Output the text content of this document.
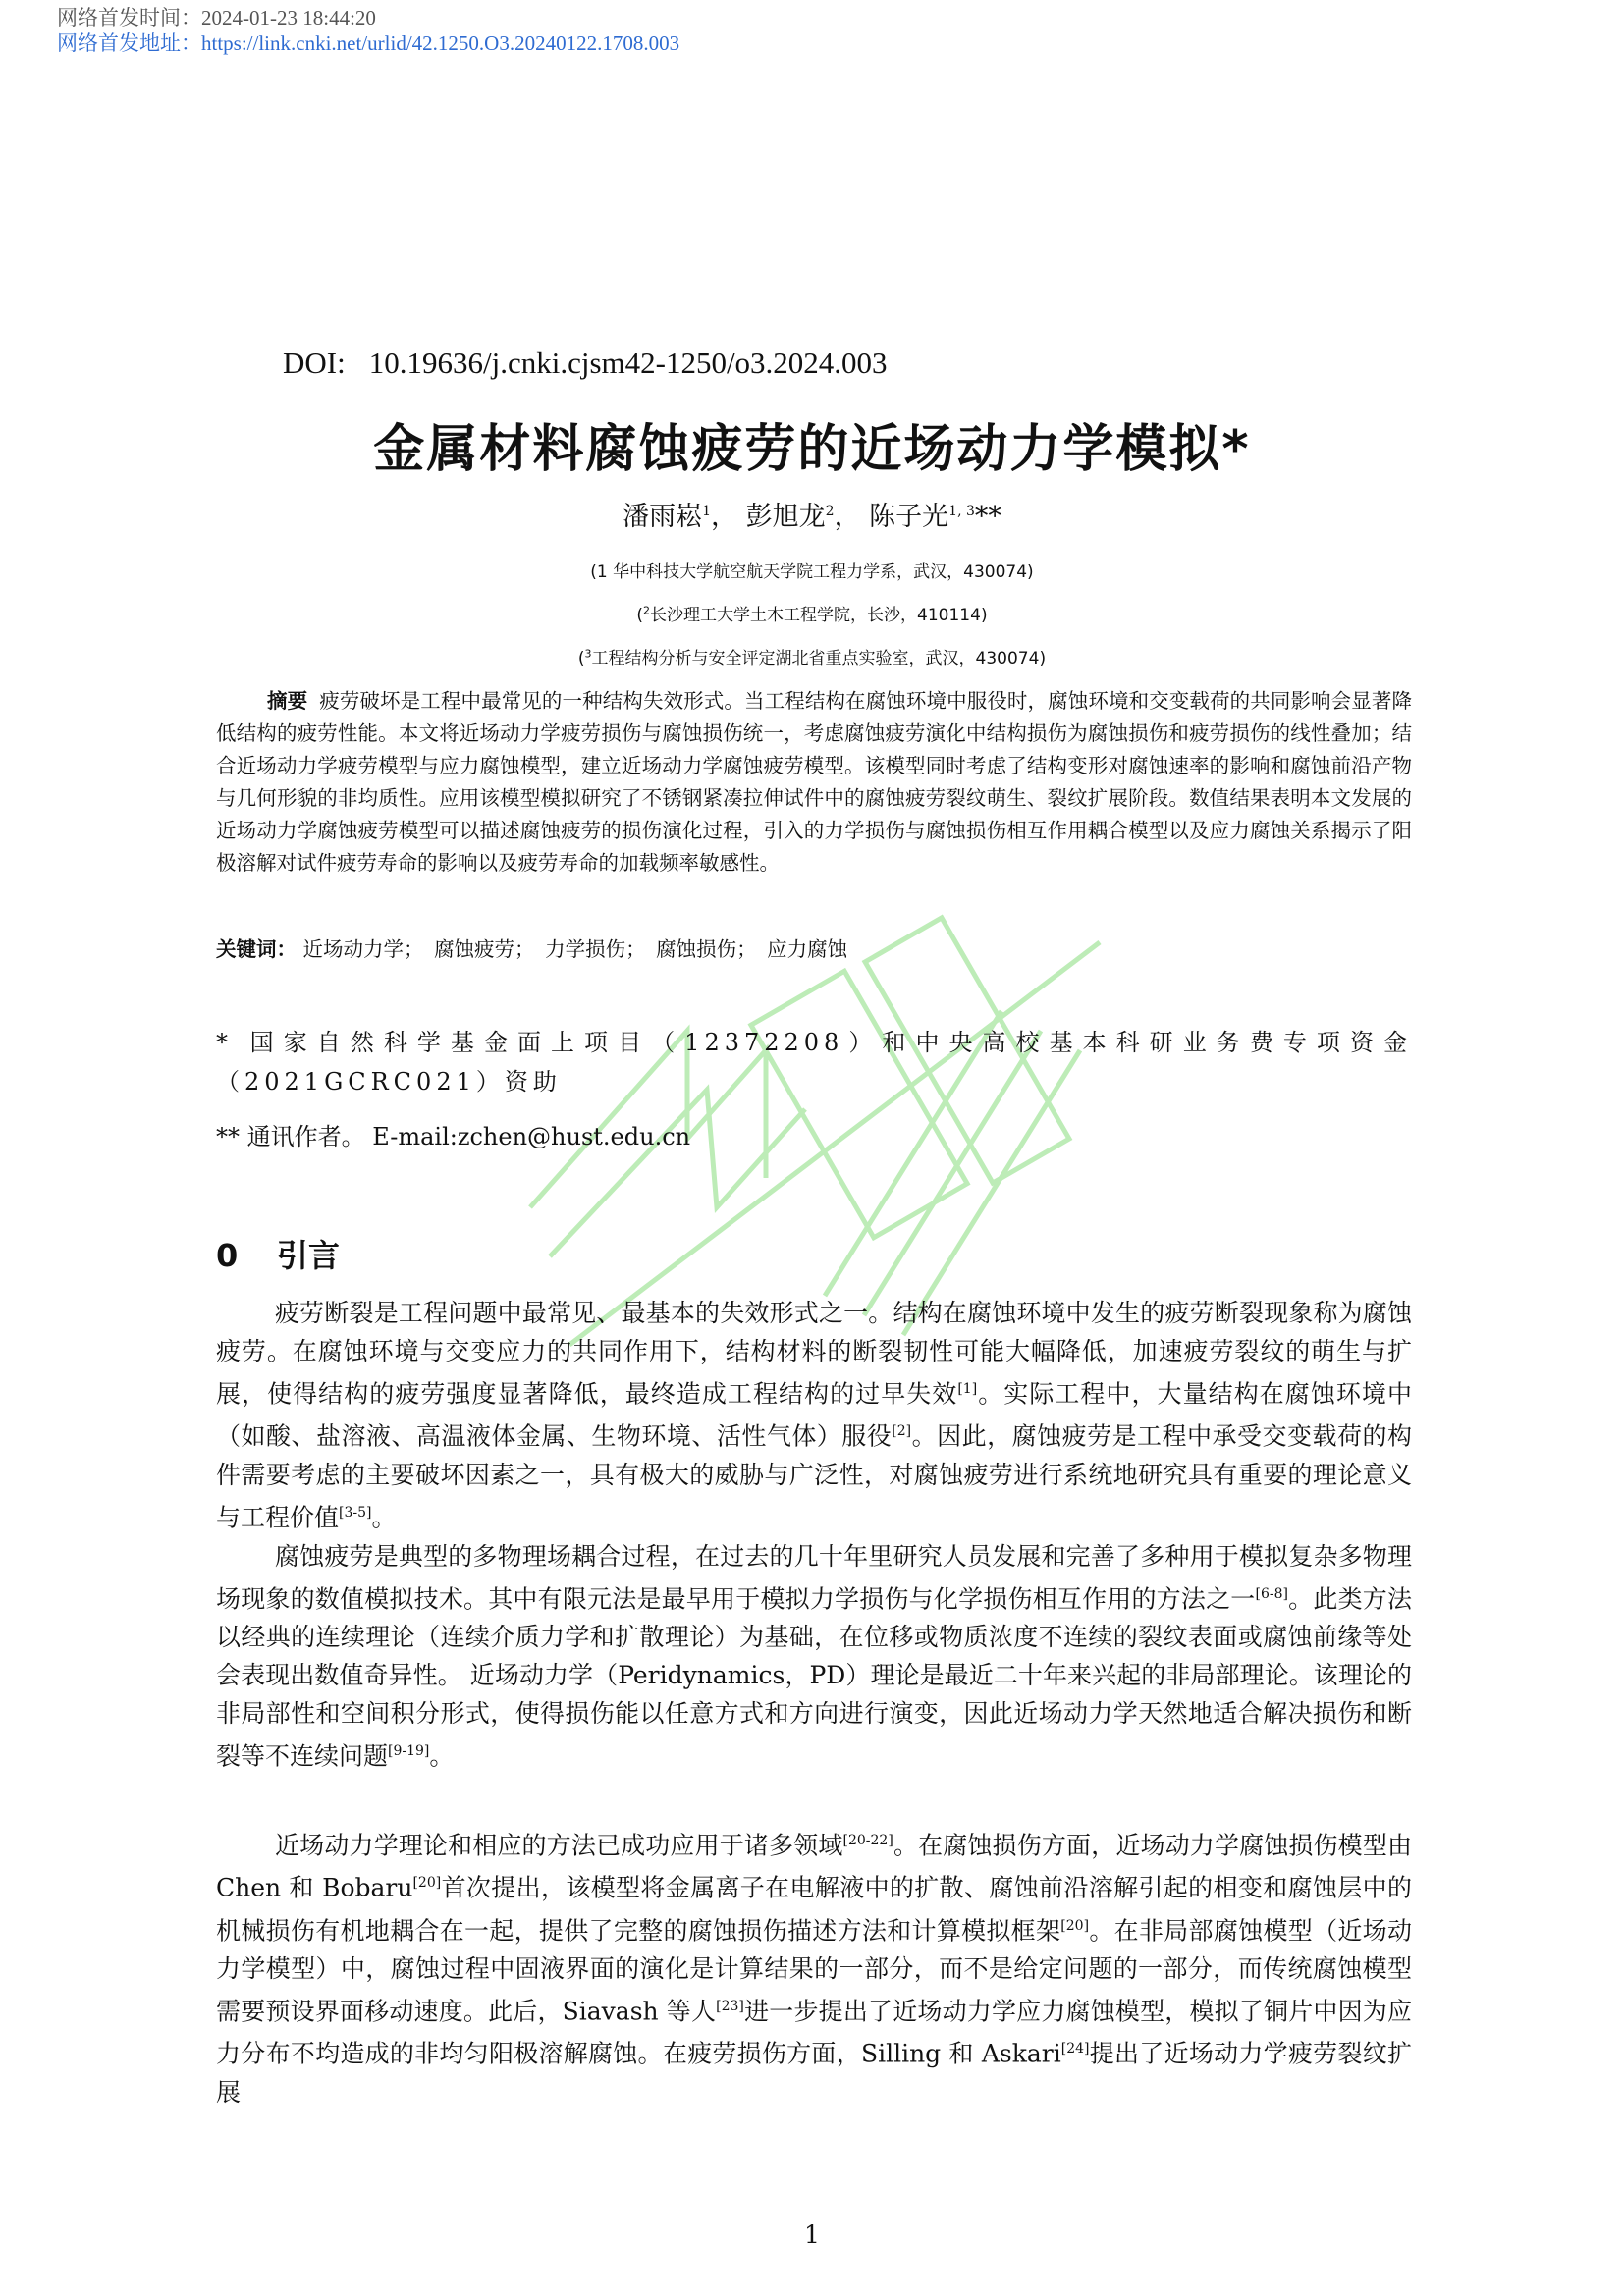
网络首发时间：2024-01-23 18:44:20
网络首发地址：https://link.cnki.net/urlid/42.1250.O3.20240122.1708.003
DOI: 10.19636/j.cnki.cjsm42-1250/o3.2024.003
金属材料腐蚀疲劳的近场动力学模拟*
潘雨崧$^1$， 彭旭龙$^2$， 陈子光$^{1, 3}$**
(1 华中科技大学航空航天学院工程力学系，武汉，430074)
($^2$长沙理工大学土木工程学院，长沙，410114)
($^3$工程结构分析与安全评定湖北省重点实验室，武汉，430074)
摘要 疲劳破坏是工程中最常见的一种结构失效形式。当工程结构在腐蚀环境中服役时，腐蚀环境和交变载荷的共同影响会显著降低结构的疲劳性能。本文将近场动力学疲劳损伤与腐蚀损伤统一，考虑腐蚀疲劳演化中结构损伤为腐蚀损伤和疲劳损伤的线性叠加；结合近场动力学疲劳模型与应力腐蚀模型，建立近场动力学腐蚀疲劳模型。该模型同时考虑了结构变形对腐蚀速率的影响和腐蚀前沿产物与几何形貌的非均质性。应用该模型模拟研究了不锈钢紧凑拉伸试件中的腐蚀疲劳裂纹萌生、裂纹扩展阶段。数值结果表明本文发展的近场动力学腐蚀疲劳模型可以描述腐蚀疲劳的损伤演化过程，引入的力学损伤与腐蚀损伤相互作用耦合模型以及应力腐蚀关系揭示了阳极溶解对试件疲劳寿命的影响以及疲劳寿命的加载频率敏感性。
关键词： 近场动力学； 腐蚀疲劳； 力学损伤； 腐蚀损伤； 应力腐蚀
* 国家自然科学基金面上项目（12372208）和中央高校基本科研业务费专项资金（2021GCRC021）资助
** 通讯作者。 E-mail:zchen@hust.edu.cn
0 引言
疲劳断裂是工程问题中最常见、最基本的失效形式之一。结构在腐蚀环境中发生的疲劳断裂现象称为腐蚀疲劳。在腐蚀环境与交变应力的共同作用下，结构材料的断裂韧性可能大幅降低，加速疲劳裂纹的萌生与扩展，使得结构的疲劳强度显著降低，最终造成工程结构的过早失效[1]。实际工程中，大量结构在腐蚀环境中（如酸、盐溶液、高温液体金属、生物环境、活性气体）服役[2]。因此，腐蚀疲劳是工程中承受交变载荷的构件需要考虑的主要破坏因素之一，具有极大的威胁与广泛性，对腐蚀疲劳进行系统地研究具有重要的理论意义与工程价值[3-5]。
腐蚀疲劳是典型的多物理场耦合过程，在过去的几十年里研究人员发展和完善了多种用于模拟复杂多物理场现象的数值模拟技术。其中有限元法是最早用于模拟力学损伤与化学损伤相互作用的方法之一[6-8]。此类方法以经典的连续理论（连续介质力学和扩散理论）为基础，在位移或物质浓度不连续的裂纹表面或腐蚀前缘等处会表现出数值奇异性。 近场动力学（Peridynamics，PD）理论是最近二十年来兴起的非局部理论。该理论的非局部性和空间积分形式，使得损伤能以任意方式和方向进行演变，因此近场动力学天然地适合解决损伤和断裂等不连续问题[9-19]。
近场动力学理论和相应的方法已成功应用于诸多领域[20-22]。在腐蚀损伤方面，近场动力学腐蚀损伤模型由 Chen 和 Bobaru[20]首次提出，该模型将金属离子在电解液中的扩散、腐蚀前沿溶解引起的相变和腐蚀层中的机械损伤有机地耦合在一起，提供了完整的腐蚀损伤描述方法和计算模拟框架[20]。在非局部腐蚀模型（近场动力学模型）中，腐蚀过程中固液界面的演化是计算结果的一部分，而不是给定问题的一部分，而传统腐蚀模型需要预设界面移动速度。此后，Siavash 等人[23]进一步提出了近场动力学应力腐蚀模型，模拟了铜片中因为应力分布不均造成的非均匀阳极溶解腐蚀。在疲劳损伤方面，Silling 和 Askari[24]提出了近场动力学疲劳裂纹扩展
1
